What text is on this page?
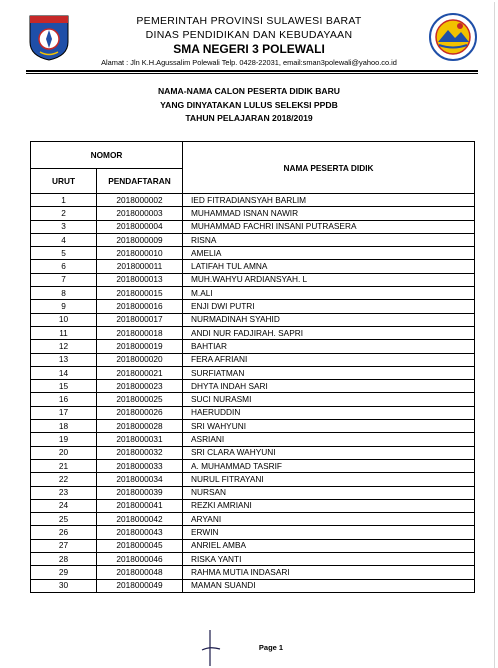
PEMERINTAH PROVINSI SULAWESI BARAT
DINAS PENDIDIKAN DAN KEBUDAYAAN
SMA NEGERI 3 POLEWALI
Alamat : Jln K.H.Agussalim Polewali Telp. 0428-22031, email:sman3polewali@yahoo.co.id
NAMA-NAMA CALON PESERTA DIDIK BARU
YANG DINYATAKAN LULUS SELEKSI PPDB
TAHUN PELAJARAN 2018/2019
NOMOR		NAMA PESERTA DIDIK
URUT	PENDAFTARAN	
1	2018000002	IED FITRADIANSYAH BARLIM
2	2018000003	MUHAMMAD ISNAN NAWIR
3	2018000004	MUHAMMAD FACHRI INSANI PUTRASERA
4	2018000009	RISNA
5	2018000010	AMELIA
6	2018000011	LATIFAH TUL AMNA
7	2018000013	MUH.WAHYU ARDIANSYAH. L
8	2018000015	M.ALI
9	2018000016	ENJI DWI PUTRI
10	2018000017	NURMADINAH SYAHID
11	2018000018	ANDI NUR FADJIRAH. SAPRI
12	2018000019	BAHTIAR
13	2018000020	FERA AFRIANI
14	2018000021	SURFIATMAN
15	2018000023	DHYTA INDAH SARI
16	2018000025	SUCI NURASMI
17	2018000026	HAERUDDIN
18	2018000028	SRI WAHYUNI
19	2018000031	ASRIANI
20	2018000032	SRI CLARA WAHYUNI
21	2018000033	A. MUHAMMAD TASRIF
22	2018000034	NURUL FITRAYANI
23	2018000039	NURSAN
24	2018000041	REZKI AMRIANI
25	2018000042	ARYANI
26	2018000043	ERWIN
27	2018000045	ANRIEL AMBA
28	2018000046	RISKA YANTI
29	2018000048	RAHMA MUTIA INDASARI
30	2018000049	MAMAN SUANDI
Page 1
